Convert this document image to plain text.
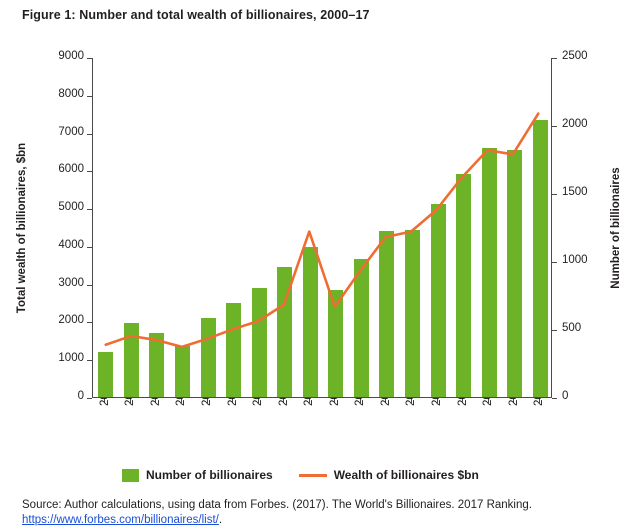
Figure 1: Number and total wealth of billionaires, 2000–17
Total wealth of billionaires, $bn	Number of billionaires
0
1000
2000
3000
4000
5000
6000
7000
8000
9000
0
500
1000
1500
2000
2500
Number of billionaires	Wealth of billionaires $bn
Source: Author calculations, using data from Forbes. (2017). The World's Billionaires. 2017 Ranking.
https://www.forbes.com/billionaires/list/.
